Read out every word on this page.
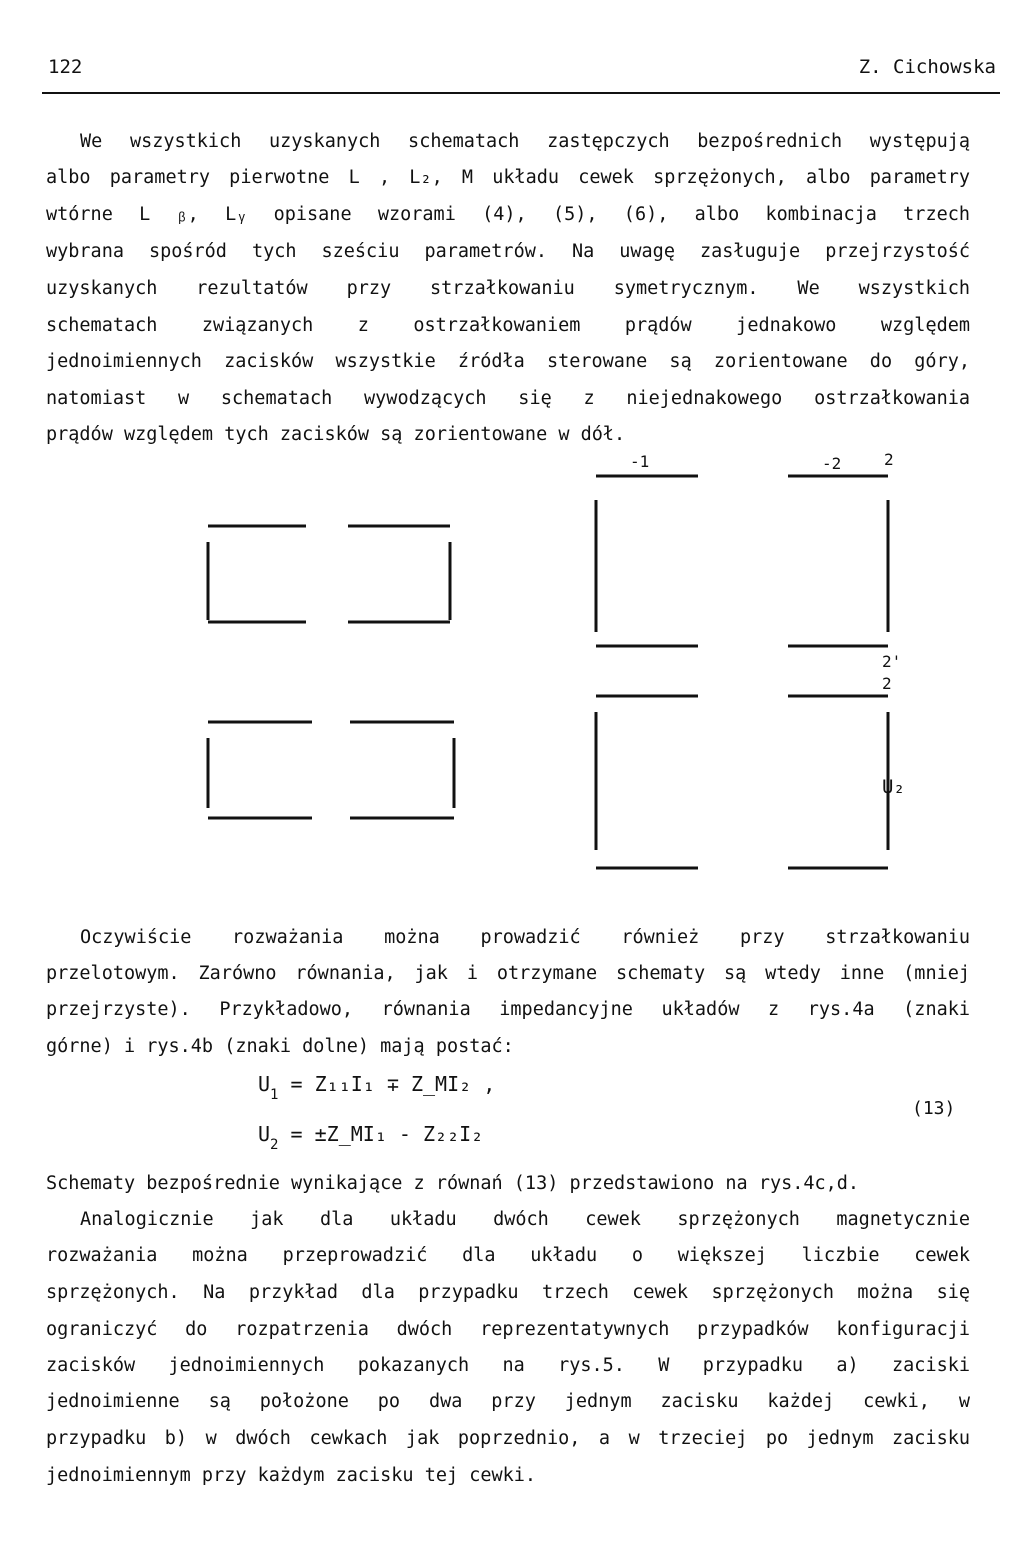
122	Z. Cichowska

We wszystkich uzyskanych schematach zastępczych bezpośrednich występują

albo parametry pierwotne L , L₂, M układu cewek sprzężonych, albo parametry

wtórne L ᵦ, Lᵧ opisane wzorami (4), (5), (6), albo kombinacja trzech

wybrana spośród tych sześciu parametrów. Na uwagę zasługuje przejrzystość

uzyskanych rezultatów przy strzałkowaniu symetrycznym. We wszystkich

schematach związanych z ostrzałkowaniem prądów jednakowo względem

jednoimiennych zacisków wszystkie źródła sterowane są zorientowane do góry,

natomiast w schematach wywodzących się z niejednakowego ostrzałkowania

prądów względem tych zacisków są zorientowane w dół.

-1	-2	2
2'
2
U₂

Oczywiście rozważania można prowadzić również przy strzałkowaniu

przelotowym. Zarówno równania, jak i otrzymane schematy są wtedy inne (mniej

przejrzyste). Przykładowo, równania impedancyjne układów z rys.4a (znaki

górne) i rys.4b (znaki dolne) mają postać:

$U_1 = Z_{11}I_1$ ∓ Z_MI₂ ,
$U_2$ = ±Z_MI₁ - Z₂₂I₂
(13)

Schematy bezpośrednie wynikające z równań (13) przedstawiono na rys.4c,d.

Analogicznie jak dla układu dwóch cewek sprzężonych magnetycznie

rozważania można przeprowadzić dla układu o większej liczbie cewek

sprzężonych. Na przykład dla przypadku trzech cewek sprzężonych można się

ograniczyć do rozpatrzenia dwóch reprezentatywnych przypadków konfiguracji

zacisków jednoimiennych pokazanych na rys.5. W przypadku a) zaciski

jednoimienne są położone po dwa przy jednym zacisku każdej cewki, w

przypadku b) w dwóch cewkach jak poprzednio, a w trzeciej po jednym zacisku

jednoimiennym przy każdym zacisku tej cewki.
